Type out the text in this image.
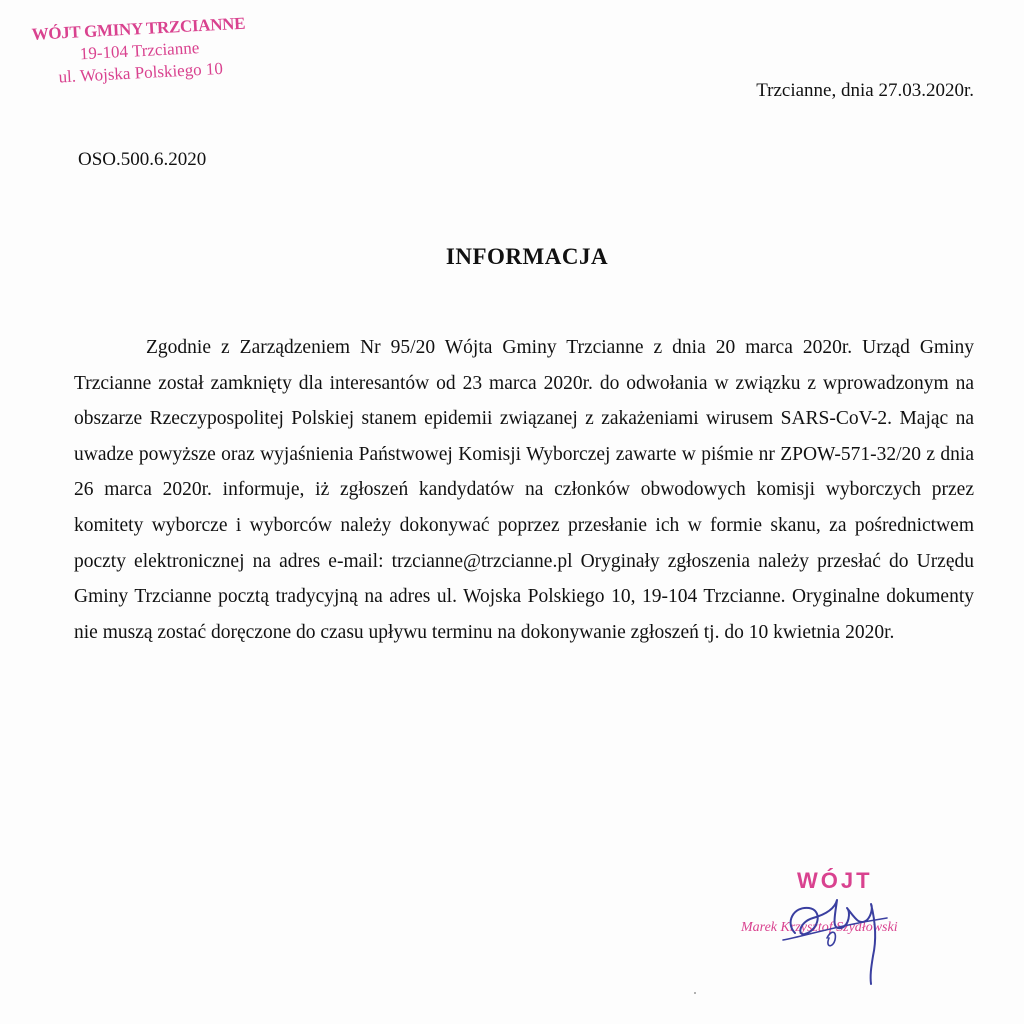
WÓJT GMINY TRZCIANNE
19-104 Trzcianne
ul. Wojska Polskiego 10
Trzcianne, dnia 27.03.2020r.
OSO.500.6.2020
INFORMACJA

Zgodnie z Zarządzeniem Nr 95/20 Wójta Gminy Trzcianne z dnia 20 marca 2020r. Urząd Gminy Trzcianne został zamknięty dla interesantów od 23 marca 2020r. do odwołania w związku z wprowadzonym na obszarze Rzeczypospolitej Polskiej stanem epidemii związanej z zakażeniami wirusem SARS-CoV-2. Mając na uwadze powyższe oraz wyjaśnienia Państwowej Komisji Wyborczej zawarte w piśmie nr ZPOW-571-32/20 z dnia 26 marca 2020r. informuje, iż zgłoszeń kandydatów na członków obwodowych komisji wyborczych przez komitety wyborcze i wyborców należy dokonywać poprzez przesłanie ich w formie skanu, za pośrednictwem poczty elektronicznej na adres e-mail: trzcianne@trzcianne.pl Oryginały zgłoszenia należy przesłać do Urzędu Gminy Trzcianne pocztą tradycyjną na adres ul. Wojska Polskiego 10, 19-104 Trzcianne. Oryginalne dokumenty nie muszą zostać doręczone do czasu upływu terminu na dokonywanie zgłoszeń tj. do 10 kwietnia 2020r.

WÓJT
Marek Krzysztof Szydłowski
